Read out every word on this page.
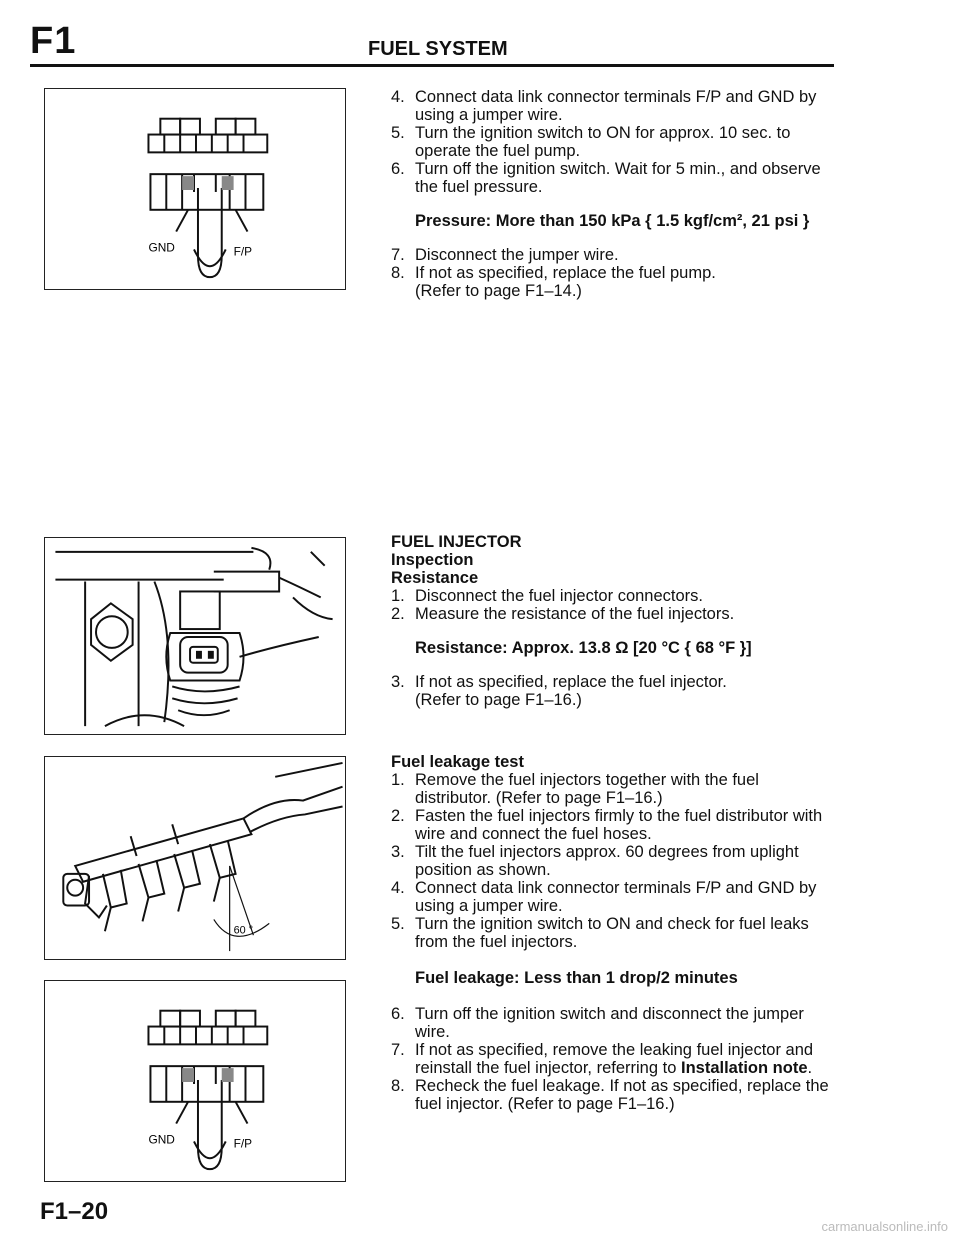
F1	FUEL SYSTEM
GND	F/P
60 °
GND	F/P
4. Connect data link connector terminals F/P and GND by using a jumper wire.
5. Turn the ignition switch to ON for approx. 10 sec. to operate the fuel pump.
6. Turn off the ignition switch. Wait for 5 min., and observe the fuel pressure.
Pressure: More than 150 kPa { 1.5 kgf/cm², 21 psi }
7. Disconnect the jumper wire.
8. If not as specified, replace the fuel pump.
(Refer to page F1–14.)
FUEL INJECTOR
Inspection
Resistance
1. Disconnect the fuel injector connectors.
2. Measure the resistance of the fuel injectors.
Resistance: Approx. 13.8 Ω [20 °C { 68 °F }]
3. If not as specified, replace the fuel injector.
(Refer to page F1–16.)
Fuel leakage test
1. Remove the fuel injectors together with the fuel distributor. (Refer to page F1–16.)
2. Fasten the fuel injectors firmly to the fuel distributor with wire and connect the fuel hoses.
3. Tilt the fuel injectors approx. 60 degrees from uplight position as shown.
4. Connect data link connector terminals F/P and GND by using a jumper wire.
5. Turn the ignition switch to ON and check for fuel leaks from the fuel injectors.
Fuel leakage: Less than 1 drop/2 minutes
6. Turn off the ignition switch and disconnect the jumper wire.
7. If not as specified, remove the leaking fuel injector and reinstall the fuel injector, referring to Installation note.
8. Recheck the fuel leakage. If not as specified, replace the fuel injector. (Refer to page F1–16.)
F1–20
carmanualsonline.info
